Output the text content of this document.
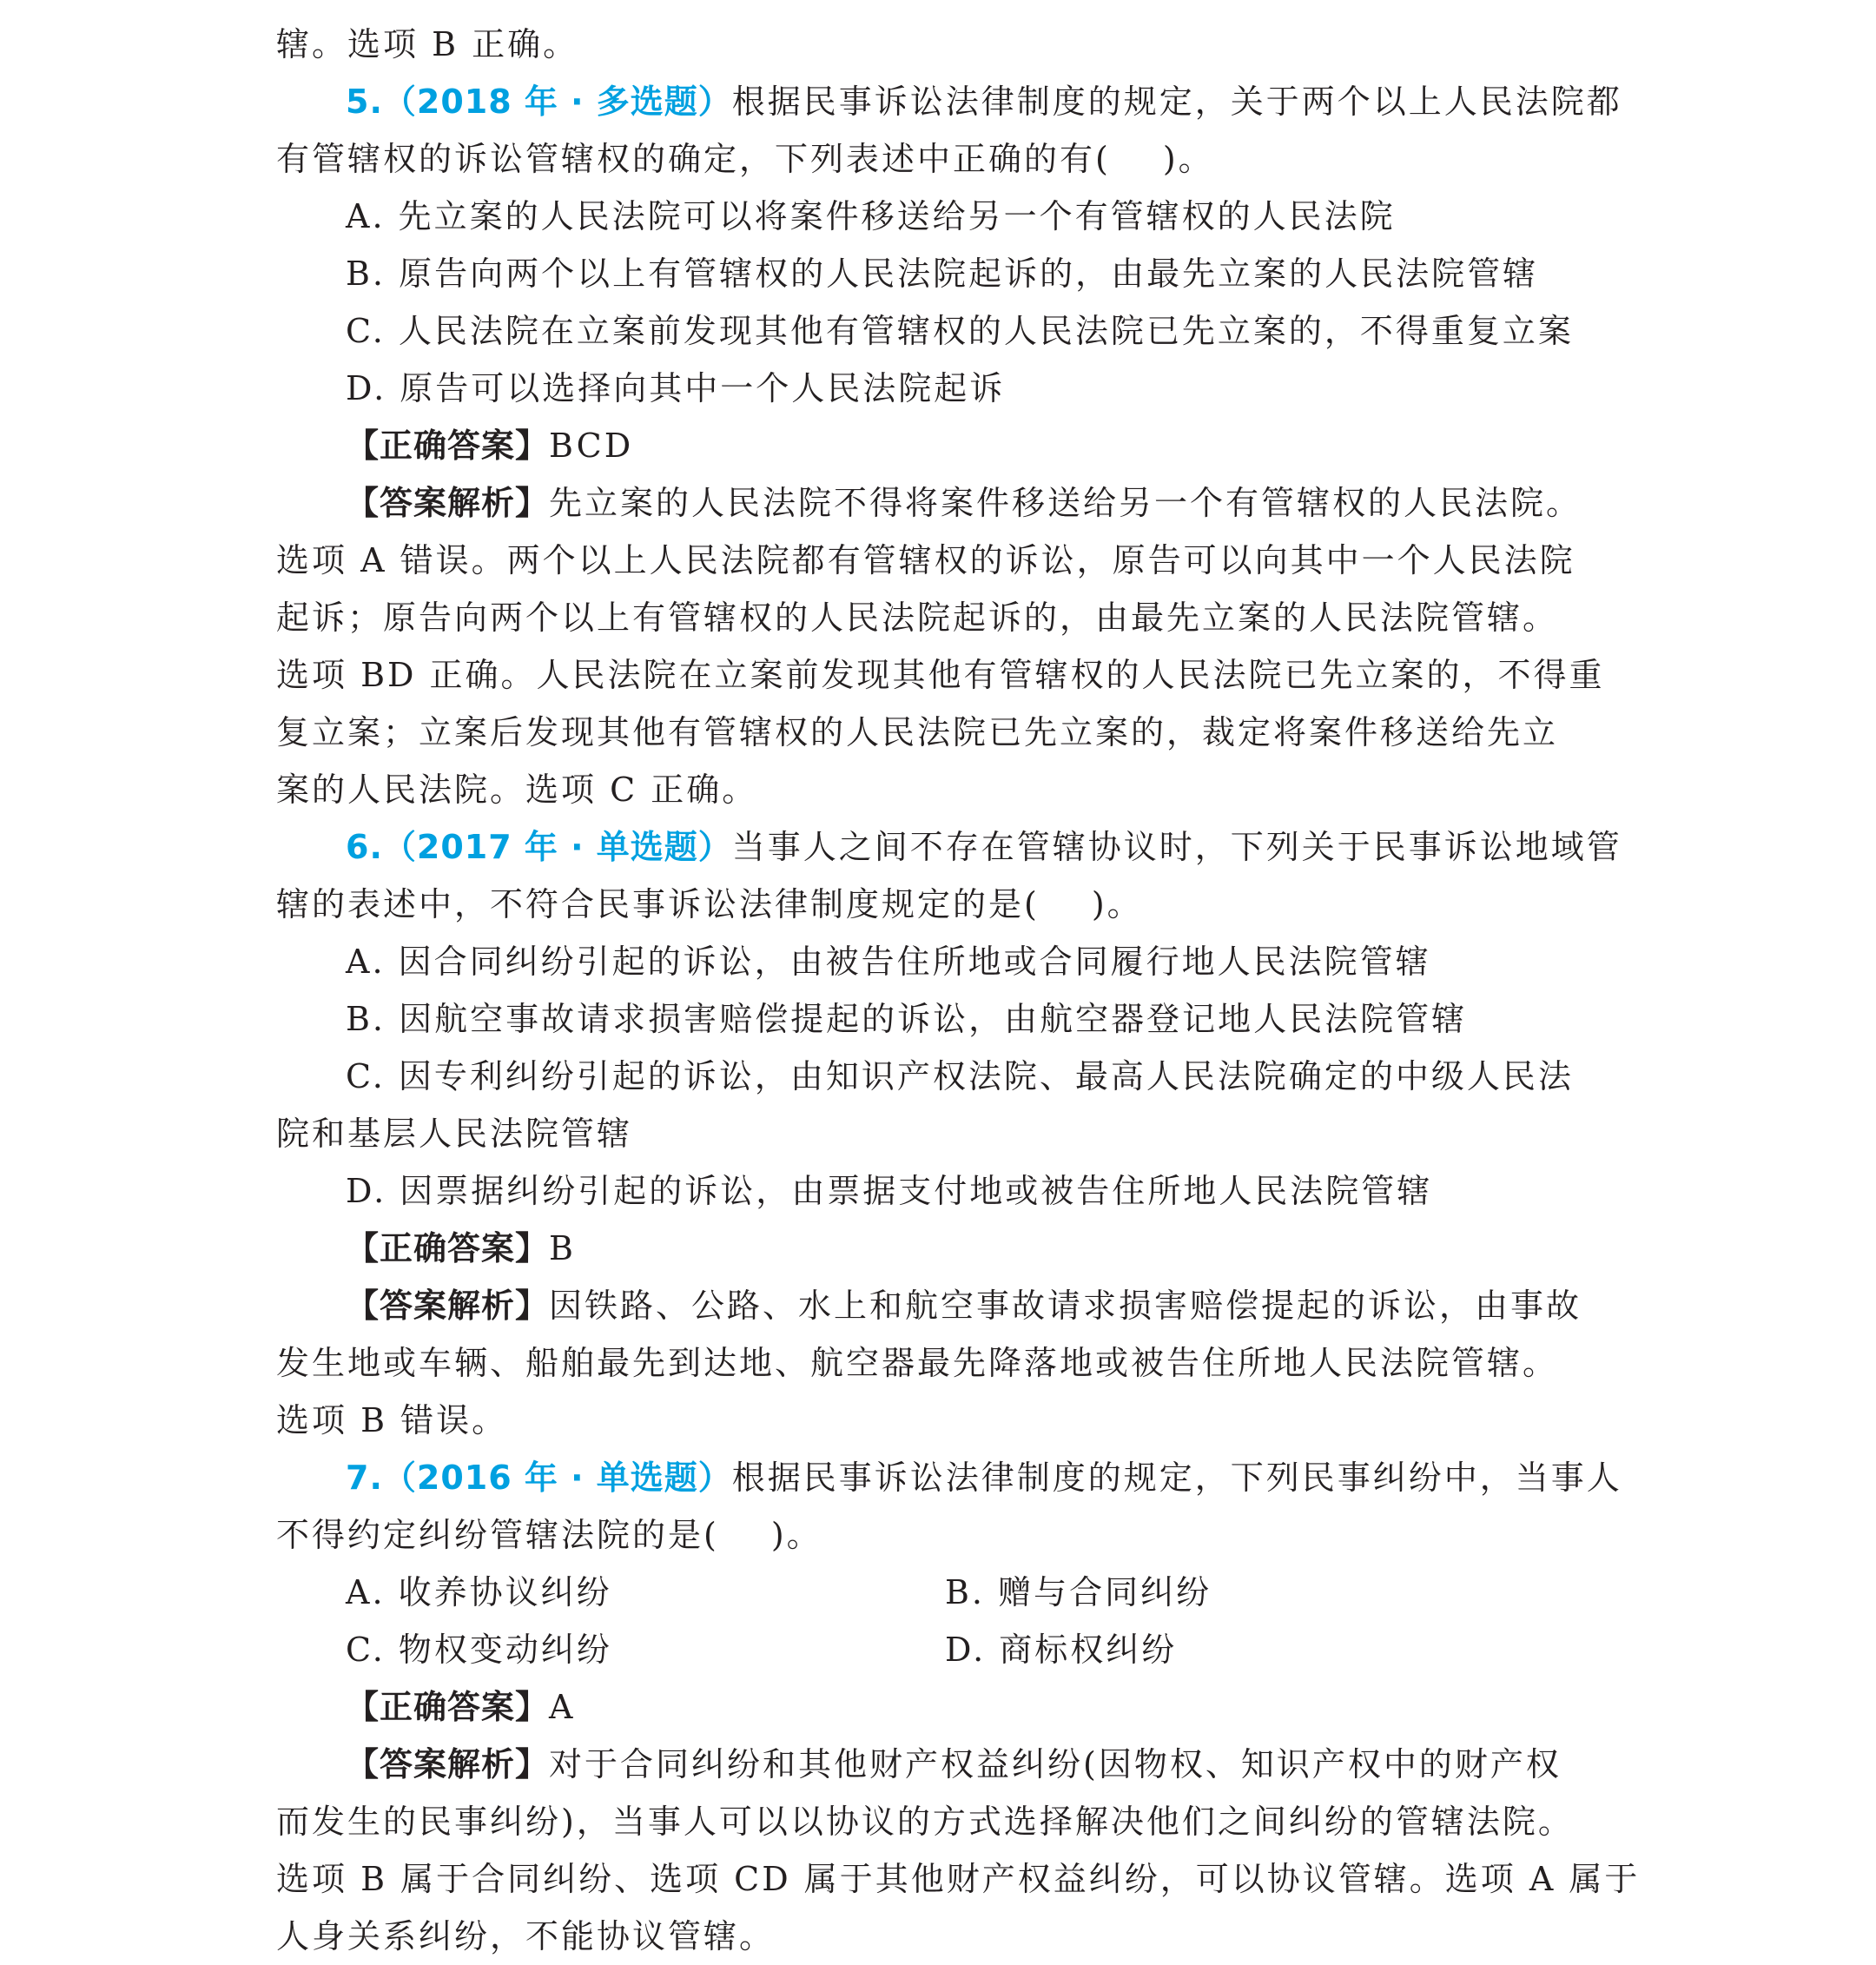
辖。选项 B 正确。
5.（2018 年 · 多选题）根据民事诉讼法律制度的规定，关于两个以上人民法院都
有管辖权的诉讼管辖权的确定，下列表述中正确的有( )。
A. 先立案的人民法院可以将案件移送给另一个有管辖权的人民法院
B. 原告向两个以上有管辖权的人民法院起诉的，由最先立案的人民法院管辖
C. 人民法院在立案前发现其他有管辖权的人民法院已先立案的，不得重复立案
D. 原告可以选择向其中一个人民法院起诉
【正确答案】BCD
【答案解析】先立案的人民法院不得将案件移送给另一个有管辖权的人民法院。
选项 A 错误。两个以上人民法院都有管辖权的诉讼，原告可以向其中一个人民法院
起诉；原告向两个以上有管辖权的人民法院起诉的，由最先立案的人民法院管辖。
选项 BD 正确。人民法院在立案前发现其他有管辖权的人民法院已先立案的，不得重
复立案；立案后发现其他有管辖权的人民法院已先立案的，裁定将案件移送给先立
案的人民法院。选项 C 正确。
6.（2017 年 · 单选题）当事人之间不存在管辖协议时，下列关于民事诉讼地域管
辖的表述中，不符合民事诉讼法律制度规定的是( )。
A. 因合同纠纷引起的诉讼，由被告住所地或合同履行地人民法院管辖
B. 因航空事故请求损害赔偿提起的诉讼，由航空器登记地人民法院管辖
C. 因专利纠纷引起的诉讼，由知识产权法院、最高人民法院确定的中级人民法
院和基层人民法院管辖
D. 因票据纠纷引起的诉讼，由票据支付地或被告住所地人民法院管辖
【正确答案】B
【答案解析】因铁路、公路、水上和航空事故请求损害赔偿提起的诉讼，由事故
发生地或车辆、船舶最先到达地、航空器最先降落地或被告住所地人民法院管辖。
选项 B 错误。
7.（2016 年 · 单选题）根据民事诉讼法律制度的规定，下列民事纠纷中，当事人
不得约定纠纷管辖法院的是( )。
A. 收养协议纠纷	B. 赠与合同纠纷
C. 物权变动纠纷	D. 商标权纠纷
【正确答案】A
【答案解析】对于合同纠纷和其他财产权益纠纷(因物权、知识产权中的财产权
而发生的民事纠纷)，当事人可以以协议的方式选择解决他们之间纠纷的管辖法院。
选项 B 属于合同纠纷、选项 CD 属于其他财产权益纠纷，可以协议管辖。选项 A 属于
人身关系纠纷，不能协议管辖。
